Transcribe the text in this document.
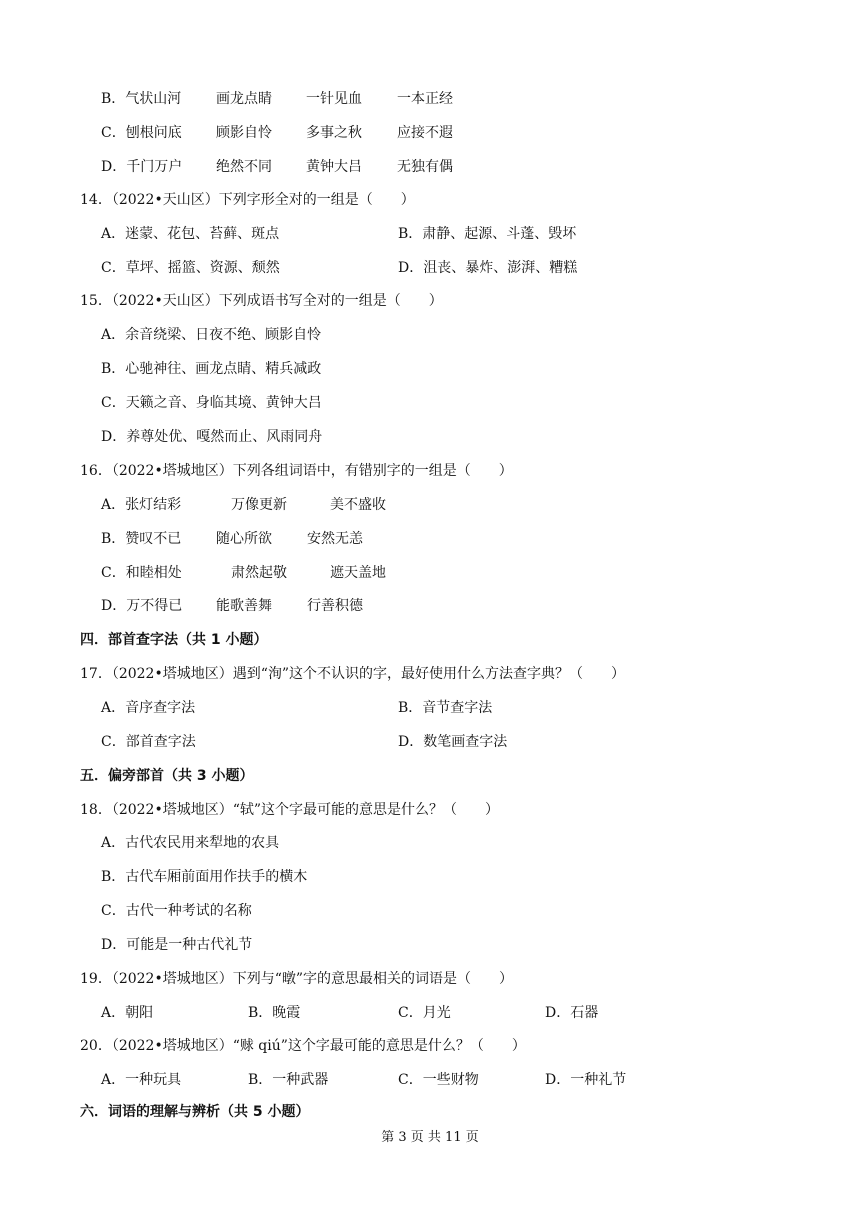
B．气状山河 画龙点睛 一针见血	一本正经
C．刨根问底 顾影自怜 多事之秋	应接不遐
D．千门万户 绝然不同 黄钟大吕	无独有偶
14．（2022•天山区）下列字形全对的一组是（　　）
A．迷蒙、花包、苔藓、斑点	B．肃静、起源、斗蓬、毁坏
C．草坪、摇篮、资源、颓然	D．沮丧、暴炸、澎湃、糟糕
15．（2022•天山区）下列成语书写全对的一组是（　　）
A．余音绕梁、日夜不绝、顾影自怜
B．心驰神往、画龙点睛、精兵减政
C．天籁之音、身临其境、黄钟大吕
D．养尊处优、嘎然而止、风雨同舟
16．（2022•塔城地区）下列各组词语中，有错别字的一组是（　　）
A．张灯结彩	万像更新	美不盛收
B．赞叹不已 随心所欲	安然无恙
C．和睦相处	肃然起敬	遮天盖地
D．万不得已 能歌善舞	行善积德
四．部首查字法（共 1 小题）
17．（2022•塔城地区）遇到“洵”这个不认识的字，最好使用什么方法查字典？（　　）
A．音序查字法	B．音节查字法
C．部首查字法	D．数笔画查字法
五．偏旁部首（共 3 小题）
18．（2022•塔城地区）“轼”这个字最可能的意思是什么？（　　）
A．古代农民用来犁地的农具
B．古代车厢前面用作扶手的横木
C．古代一种考试的名称
D．可能是一种古代礼节
19．（2022•塔城地区）下列与“暾”字的意思最相关的词语是（　　）
A．朝阳	B．晚霞	C．月光	D．石器
20．（2022•塔城地区）“赇 qiú”这个字最可能的意思是什么？（　　）
A．一种玩具	B．一种武器	C．一些财物	D．一种礼节
六．词语的理解与辨析（共 5 小题）
第 3 页 共 11 页
